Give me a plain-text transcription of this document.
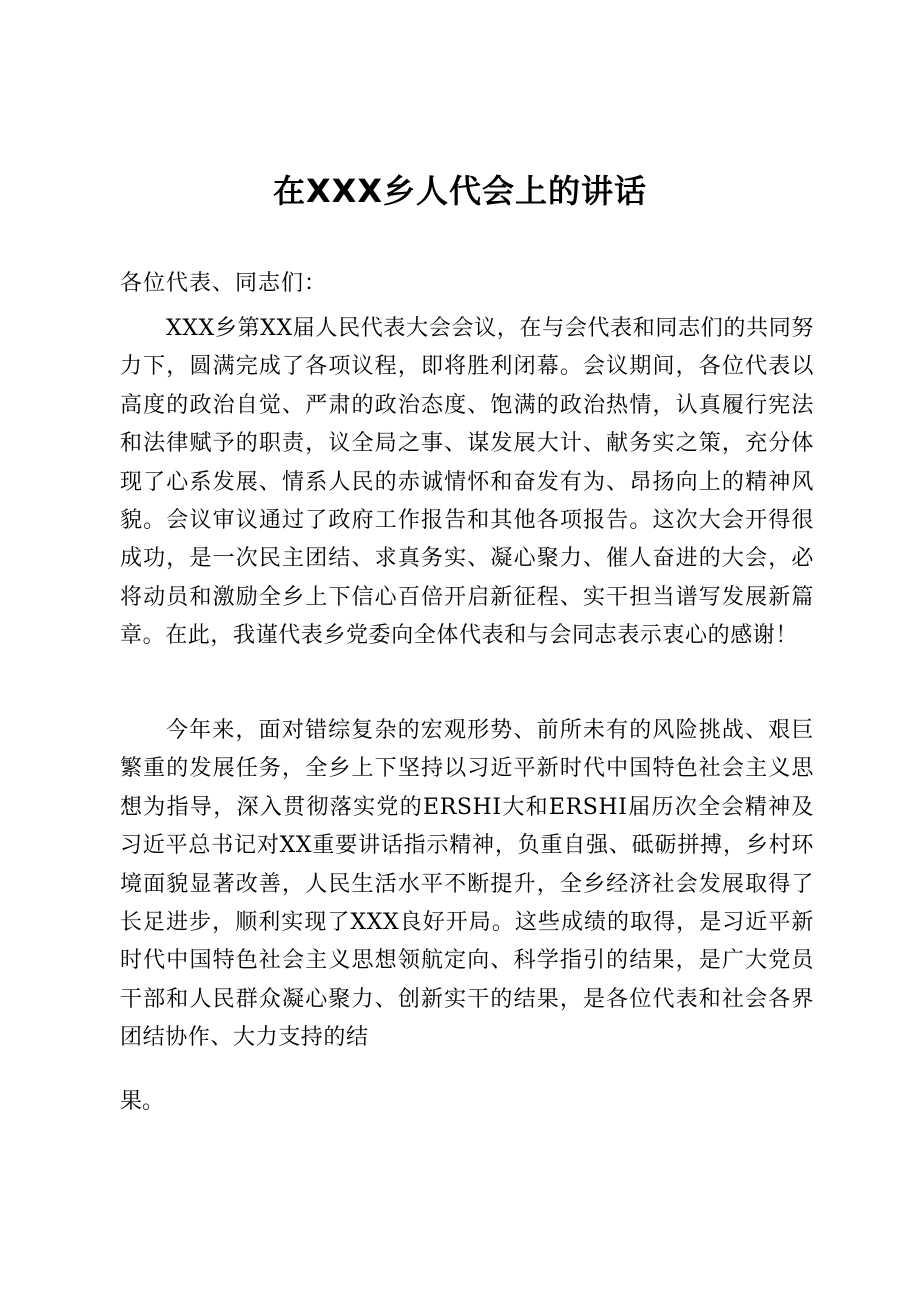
在XXX乡人代会上的讲话

各位代表、同志们：

XXX乡第XX届人民代表大会会议，在与会代表和同志们的共同努力下，圆满完成了各项议程，即将胜利闭幕。会议期间，各位代表以高度的政治自觉、严肃的政治态度、饱满的政治热情，认真履行宪法和法律赋予的职责，议全局之事、谋发展大计、献务实之策，充分体现了心系发展、情系人民的赤诚情怀和奋发有为、昂扬向上的精神风貌。会议审议通过了政府工作报告和其他各项报告。这次大会开得很成功，是一次民主团结、求真务实、凝心聚力、催人奋进的大会，必将动员和激励全乡上下信心百倍开启新征程、实干担当谱写发展新篇章。在此，我谨代表乡党委向全体代表和与会同志表示衷心的感谢！

今年来，面对错综复杂的宏观形势、前所未有的风险挑战、艰巨繁重的发展任务，全乡上下坚持以习近平新时代中国特色社会主义思想为指导，深入贯彻落实党的ERSHI大和ERSHI届历次全会精神及习近平总书记对XX重要讲话指示精神，负重自强、砥砺拼搏，乡村环境面貌显著改善，人民生活水平不断提升，全乡经济社会发展取得了长足进步，顺利实现了XXX良好开局。这些成绩的取得，是习近平新时代中国特色社会主义思想领航定向、科学指引的结果，是广大党员干部和人民群众凝心聚力、创新实干的结果，是各位代表和社会各界团结协作、大力支持的结

果。
